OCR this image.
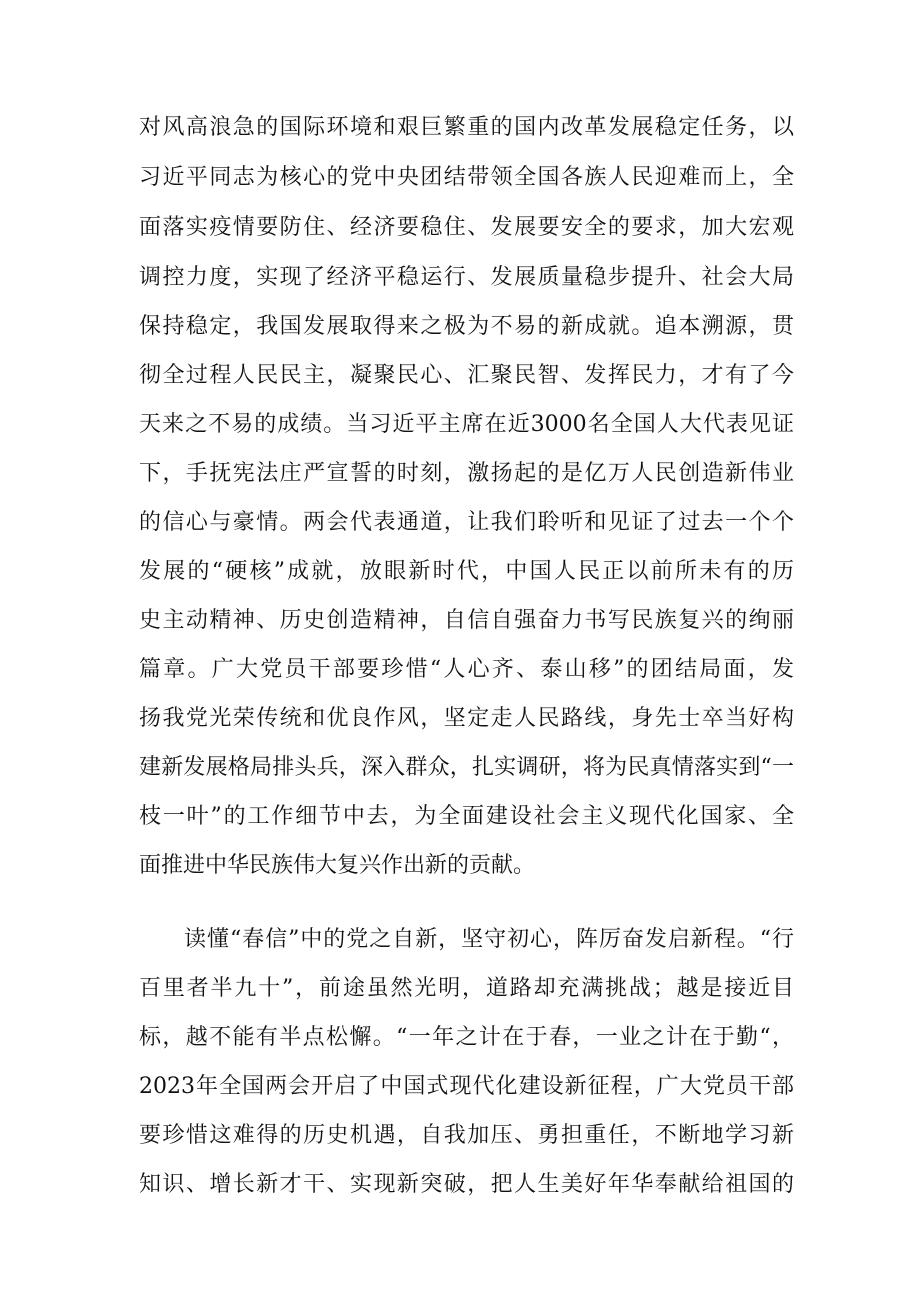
对风高浪急的国际环境和艰巨繁重的国内改革发展稳定任务，以
习近平同志为核心的党中央团结带领全国各族人民迎难而上，全
面落实疫情要防住、经济要稳住、发展要安全的要求，加大宏观
调控力度，实现了经济平稳运行、发展质量稳步提升、社会大局
保持稳定，我国发展取得来之极为不易的新成就。追本溯源，贯
彻全过程人民民主，凝聚民心、汇聚民智、发挥民力，才有了今
天来之不易的成绩。当习近平主席在近3000名全国人大代表见证
下，手抚宪法庄严宣誓的时刻，激扬起的是亿万人民创造新伟业
的信心与豪情。两会代表通道，让我们聆听和见证了过去一个个
发展的“硬核”成就，放眼新时代，中国人民正以前所未有的历
史主动精神、历史创造精神，自信自强奋力书写民族复兴的绚丽
篇章。广大党员干部要珍惜“人心齐、泰山移”的团结局面，发
扬我党光荣传统和优良作风，坚定走人民路线，身先士卒当好构
建新发展格局排头兵，深入群众，扎实调研，将为民真情落实到“一
枝一叶”的工作细节中去，为全面建设社会主义现代化国家、全
面推进中华民族伟大复兴作出新的贡献。
读懂“春信”中的党之自新，坚守初心，阵厉奋发启新程。“行
百里者半九十”，前途虽然光明，道路却充满挑战；越是接近目
标，越不能有半点松懈。“一年之计在于春，一业之计在于勤“，
2023年全国两会开启了中国式现代化建设新征程，广大党员干部
要珍惜这难得的历史机遇，自我加压、勇担重任，不断地学习新
知识、增长新才干、实现新突破，把人生美好年华奉献给祖国的
